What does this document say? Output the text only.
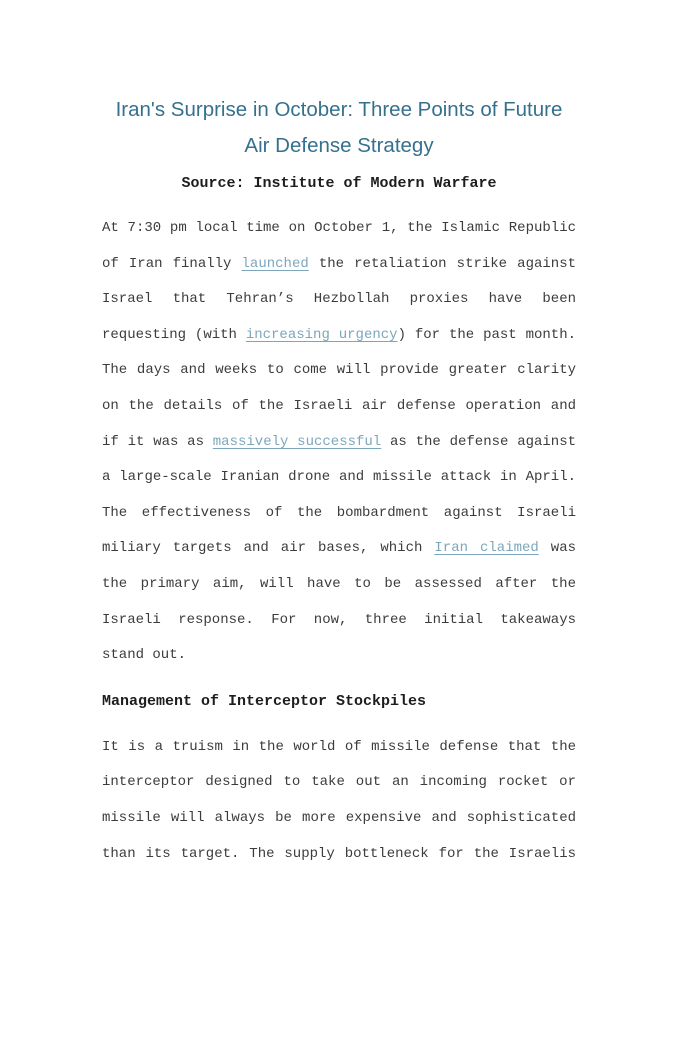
Iran's Surprise in October: Three Points of Future
Air Defense Strategy
Source: Institute of Modern Warfare
At 7:30 pm local time on October 1, the Islamic Republic
of Iran finally launched the retaliation strike against
Israel that Tehran’s Hezbollah proxies have been
requesting (with increasing urgency) for the past month.
The days and weeks to come will provide greater clarity
on the details of the Israeli air defense operation and
if it was as massively successful as the defense against
a large-scale Iranian drone and missile attack in April.
The effectiveness of the bombardment against Israeli
miliary targets and air bases, which Iran claimed was
the primary aim, will have to be assessed after the
Israeli response. For now, three initial takeaways
stand out.
Management of Interceptor Stockpiles
It is a truism in the world of missile defense that the
interceptor designed to take out an incoming rocket or
missile will always be more expensive and sophisticated
than its target. The supply bottleneck for the Israelis
